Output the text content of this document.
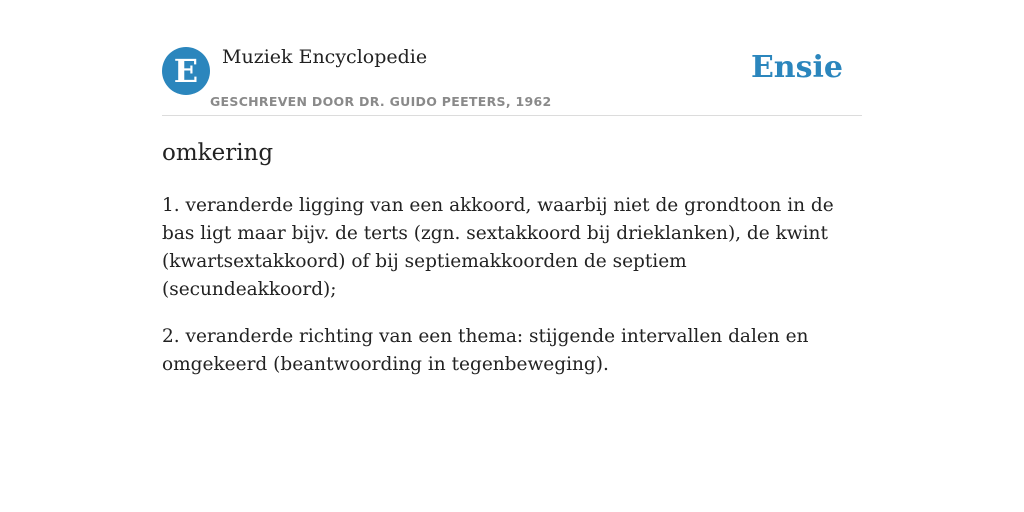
E	Muziek Encyclopedie
GESCHREVEN DOOR DR. GUIDO PEETERS, 1962
Ensie
omkering

1. veranderde ligging van een akkoord, waarbij niet de grondtoon in de bas ligt maar bijv. de terts (zgn. sextakkoord bij drieklanken), de kwint (kwartsextakkoord) of bij septiemakkoorden de septiem (secundeakkoord);

2. veranderde richting van een thema: stijgende intervallen dalen en omgekeerd (beantwoording in tegenbeweging).
